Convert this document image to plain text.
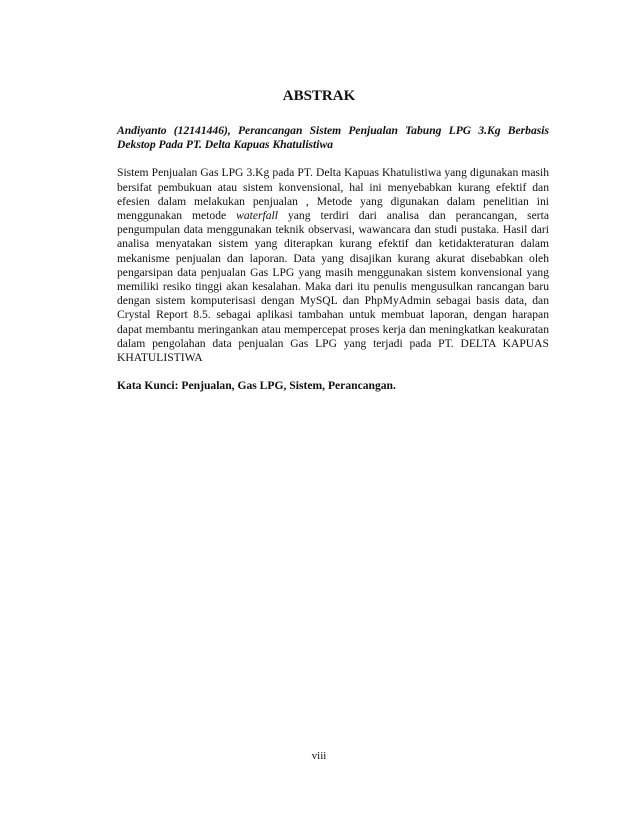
ABSTRAK

Andiyanto (12141446), Perancangan Sistem Penjualan Tabung LPG 3.Kg Berbasis Dekstop Pada PT. Delta Kapuas Khatulistiwa

Sistem Penjualan Gas LPG 3.Kg pada PT. Delta Kapuas Khatulistiwa yang digunakan masih bersifat pembukuan atau sistem konvensional, hal ini menyebabkan kurang efektif dan efesien dalam melakukan penjualan , Metode yang digunakan dalam penelitian ini menggunakan metode waterfall yang terdiri dari analisa dan perancangan, serta pengumpulan data menggunakan teknik observasi, wawancara dan studi pustaka. Hasil dari analisa menyatakan sistem yang diterapkan kurang efektif dan ketidakteraturan dalam mekanisme penjualan dan laporan. Data yang disajikan kurang akurat disebabkan oleh pengarsipan data penjualan Gas LPG yang masih menggunakan sistem konvensional yang memiliki resiko tinggi akan kesalahan. Maka dari itu penulis mengusulkan rancangan baru dengan sistem komputerisasi dengan MySQL dan PhpMyAdmin sebagai basis data, dan Crystal Report 8.5. sebagai aplikasi tambahan untuk membuat laporan, dengan harapan dapat membantu meringankan atau mempercepat proses kerja dan meningkatkan keakuratan dalam pengolahan data penjualan Gas LPG yang terjadi pada PT. DELTA KAPUAS KHATULISTIWA

Kata Kunci: Penjualan, Gas LPG, Sistem, Perancangan.

viii
